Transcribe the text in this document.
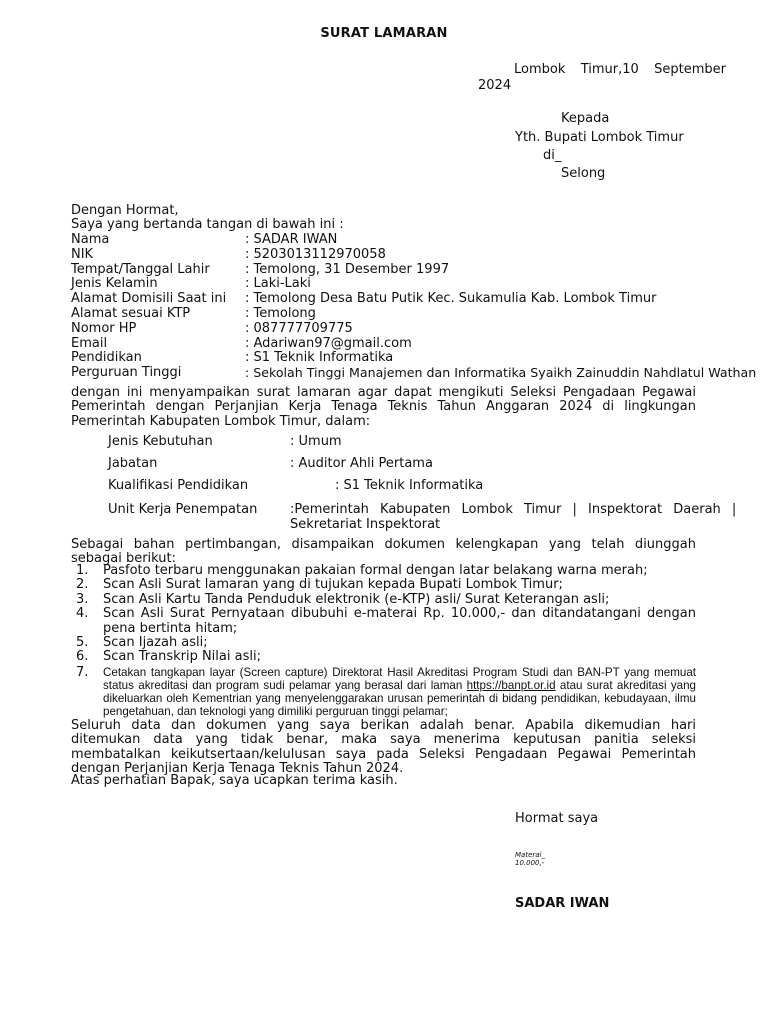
SURAT LAMARAN
Lombok Timur,10 September
2024
Kepada
Yth. Bupati Lombok Timur
di_
Selong
Dengan Hormat,
Saya yang bertanda tangan di bawah ini :
Nama	: SADAR IWAN
NIK	: 5203013112970058
Tempat/Tanggal Lahir	: Temolong, 31 Desember 1997
Jenis Kelamin	: Laki-Laki
Alamat Domisili Saat ini	: Temolong Desa Batu Putik Kec. Sukamulia Kab. Lombok Timur
Alamat sesuai KTP	: Temolong
Nomor HP	: 087777709775
Email	: Adariwan97@gmail.com
Pendidikan	: S1 Teknik Informatika
Perguruan Tinggi	: Sekolah Tinggi Manajemen dan Informatika Syaikh Zainuddin Nahdlatul Wathan
dengan ini menyampaikan surat lamaran agar dapat mengikuti Seleksi Pengadaan Pegawai Pemerintah dengan Perjanjian Kerja Tenaga Teknis Tahun Anggaran 2024 di lingkungan Pemerintah Kabupaten Lombok Timur, dalam:
Jenis Kebutuhan	: Umum
Jabatan	: Auditor Ahli Pertama
Kualifikasi Pendidikan	: S1 Teknik Informatika
Unit Kerja Penempatan	:Pemerintah Kabupaten Lombok Timur | Inspektorat Daerah |
Sekretariat Inspektorat
Sebagai bahan pertimbangan, disampaikan dokumen kelengkapan yang telah diunggah sebagai berikut:
1.	Pasfoto terbaru menggunakan pakaian formal dengan latar belakang warna merah;
2.	Scan Asli Surat lamaran yang di tujukan kepada Bupati Lombok Timur;
3.	Scan Asli Kartu Tanda Penduduk elektronik (e-KTP) asli/ Surat Keterangan asli;
4.	Scan Asli Surat Pernyataan dibubuhi e-materai Rp. 10.000,- dan ditandatangani dengan pena bertinta hitam;
5.	Scan Ijazah asli;
6.	Scan Transkrip Nilai asli;
7.	Cetakan tangkapan layar (Screen capture) Direktorat Hasil Akreditasi Program Studi dan BAN-PT yang memuat status akreditasi dan program sudi pelamar yang berasal dari laman https://banpt.or.id atau surat akreditasi yang dikeluarkan oleh Kementrian yang menyelenggarakan urusan pemerintah di bidang pendidikan, kebudayaan, ilmu pengetahuan, dan teknologi yang dimiliki perguruan tinggi pelamar;
Seluruh data dan dokumen yang saya berikan adalah benar. Apabila dikemudian hari ditemukan data yang tidak benar, maka saya menerima keputusan panitia seleksi membatalkan keikutsertaan/kelulusan saya pada Seleksi Pengadaan Pegawai Pemerintah dengan Perjanjian Kerja Tenaga Teknis Tahun 2024.
Atas perhatian Bapak, saya ucapkan terima kasih.
Hormat saya
Materai_
10.000,-
SADAR IWAN
